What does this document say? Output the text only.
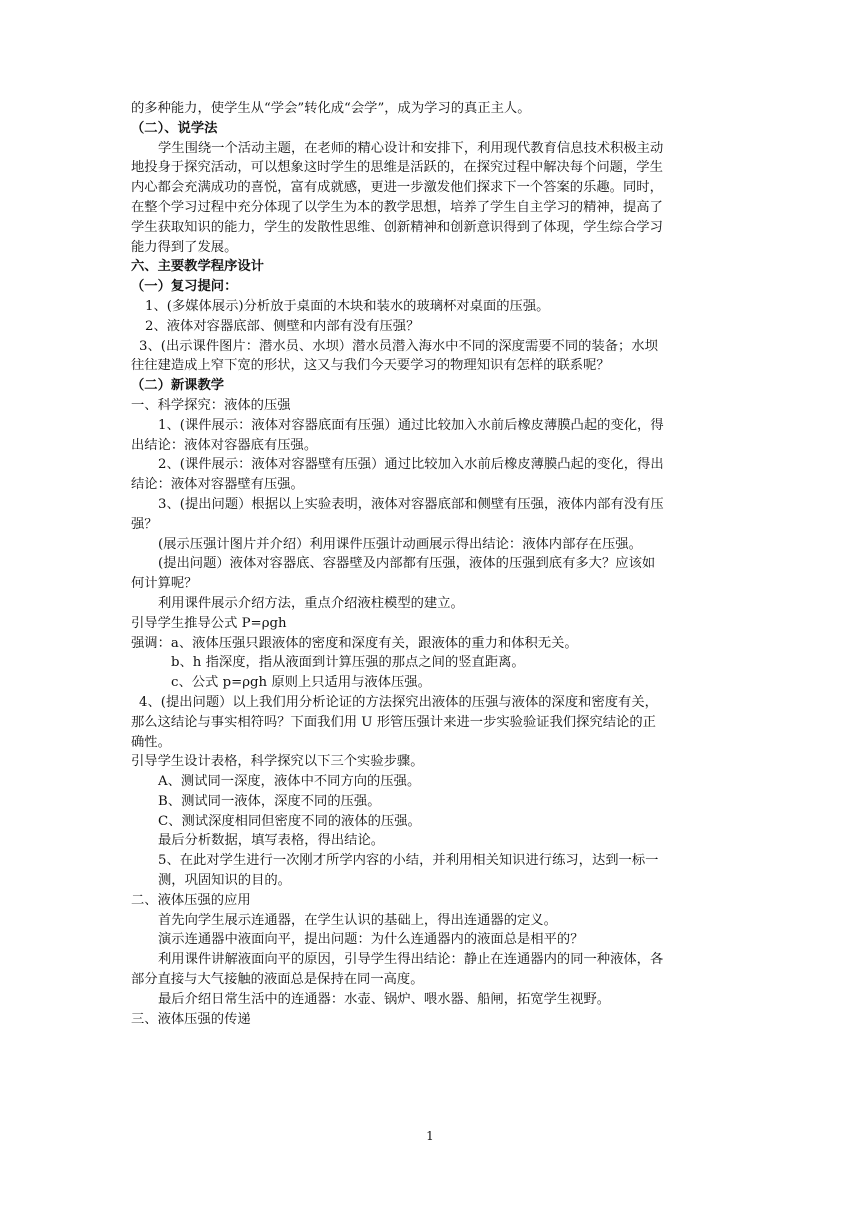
的多种能力，使学生从“学会”转化成“会学”，成为学习的真正主人。
（二）、说学法
学生围绕一个活动主题，在老师的精心设计和安排下，利用现代教育信息技术积极主动
地投身于探究活动，可以想象这时学生的思维是活跃的，在探究过程中解决每个问题，学生
内心都会充满成功的喜悦，富有成就感，更进一步激发他们探求下一个答案的乐趣。同时，
在整个学习过程中充分体现了以学生为本的教学思想，培养了学生自主学习的精神，提高了
学生获取知识的能力，学生的发散性思维、创新精神和创新意识得到了体现，学生综合学习
能力得到了发展。
六、主要教学程序设计
（一）复习提问：
1、(多媒体展示)分析放于桌面的木块和装水的玻璃杯对桌面的压强。
2、液体对容器底部、侧壁和内部有没有压强？
3、(出示课件图片：潜水员、水坝）潜水员潜入海水中不同的深度需要不同的装备；水坝
往往建造成上窄下宽的形状，这又与我们今天要学习的物理知识有怎样的联系呢？
（二）新课教学
一、科学探究：液体的压强
1、(课件展示：液体对容器底面有压强）通过比较加入水前后橡皮薄膜凸起的变化，得
出结论：液体对容器底有压强。
2、(课件展示：液体对容器壁有压强）通过比较加入水前后橡皮薄膜凸起的变化，得出
结论：液体对容器壁有压强。
3、(提出问题）根据以上实验表明，液体对容器底部和侧壁有压强，液体内部有没有压
强？
(展示压强计图片并介绍）利用课件压强计动画展示得出结论：液体内部存在压强。
(提出问题）液体对容器底、容器壁及内部都有压强，液体的压强到底有多大？应该如
何计算呢？
利用课件展示介绍方法，重点介绍液柱模型的建立。
引导学生推导公式 P=ρgh
强调：a、液体压强只跟液体的密度和深度有关，跟液体的重力和体积无关。
b、h 指深度，指从液面到计算压强的那点之间的竖直距离。
c、公式 p=ρgh 原则上只适用与液体压强。
4、(提出问题）以上我们用分析论证的方法探究出液体的压强与液体的深度和密度有关，
那么这结论与事实相符吗？下面我们用 U 形管压强计来进一步实验验证我们探究结论的正
确性。
引导学生设计表格，科学探究以下三个实验步骤。
A、测试同一深度，液体中不同方向的压强。
B、测试同一液体，深度不同的压强。
C、测试深度相同但密度不同的液体的压强。
最后分析数据，填写表格，得出结论。
5、在此对学生进行一次刚才所学内容的小结，并利用相关知识进行练习，达到一标一
测，巩固知识的目的。
二、液体压强的应用
首先向学生展示连通器，在学生认识的基础上，得出连通器的定义。
演示连通器中液面向平，提出问题：为什么连通器内的液面总是相平的？
利用课件讲解液面向平的原因，引导学生得出结论：静止在连通器内的同一种液体，各
部分直接与大气接触的液面总是保持在同一高度。
最后介绍日常生活中的连通器：水壶、锅炉、喂水器、船闸，拓宽学生视野。
三、液体压强的传递
1
